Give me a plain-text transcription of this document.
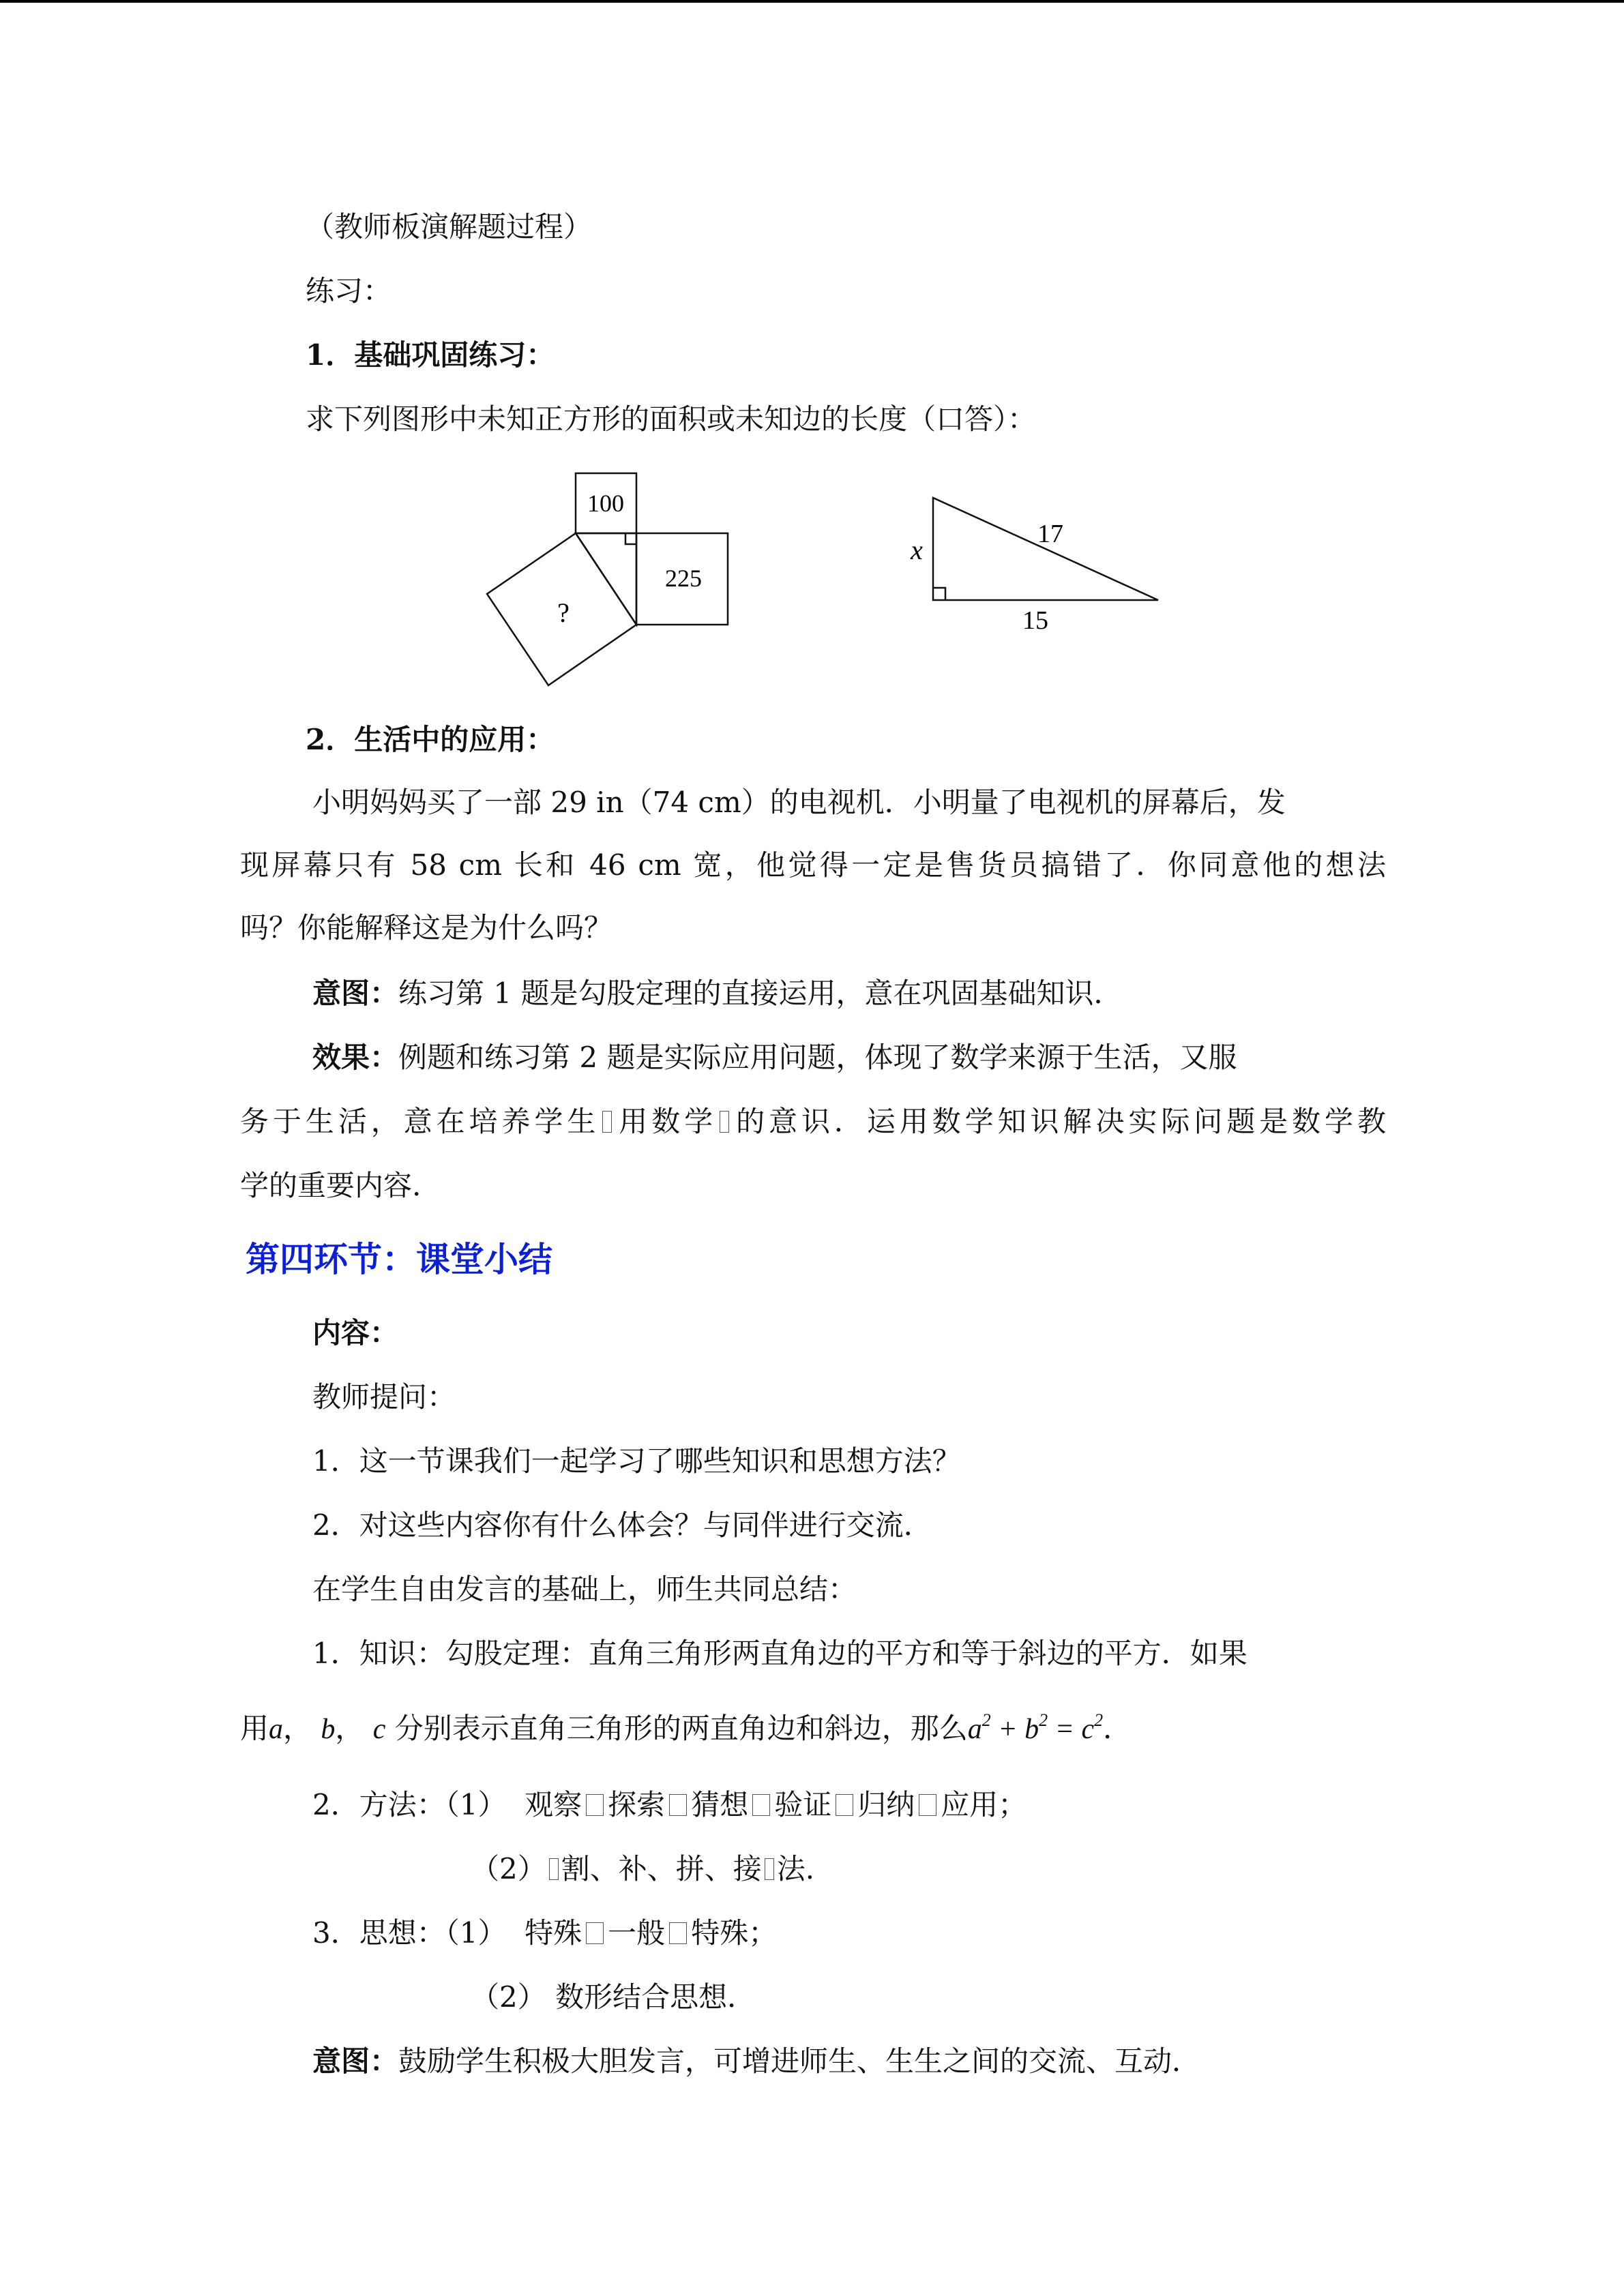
（教师板演解题过程）

练习：

1．基础巩固练习：

求下列图形中未知正方形的面积或未知边的长度（口答）：

100
225
?
x
17
15

2．生活中的应用：

小明妈妈买了一部 29 in（74 cm）的电视机．小明量了电视机的屏幕后，发

现屏幕只有 58 cm 长和 46 cm 宽，他觉得一定是售货员搞错了．你同意他的想法

吗？你能解释这是为什么吗？

意图：练习第 1 题是勾股定理的直接运用，意在巩固基础知识．

效果：例题和练习第 2 题是实际应用问题，体现了数学来源于生活，又服

务于生活，意在培养学生 用数学 的意识．运用数学知识解决实际问题是数学教

学的重要内容.

第四环节：课堂小结

内容：

教师提问：

1．这一节课我们一起学习了哪些知识和思想方法？

2．对这些内容你有什么体会？与同伴进行交流．

在学生自由发言的基础上，师生共同总结：

1．知识：勾股定理：直角三角形两直角边的平方和等于斜边的平方．如果

用a， b， c 分别表示直角三角形的两直角边和斜边，那么$a^2 + b^2 = c^2$．

2．方法：（1） 观察 探索 猜想 验证 归纳 应用；

（2） 割、补、拼、接 法.

3．思想：（1） 特殊 一般 特殊；

（2） 数形结合思想．

意图：鼓励学生积极大胆发言，可增进师生、生生之间的交流、互动．
